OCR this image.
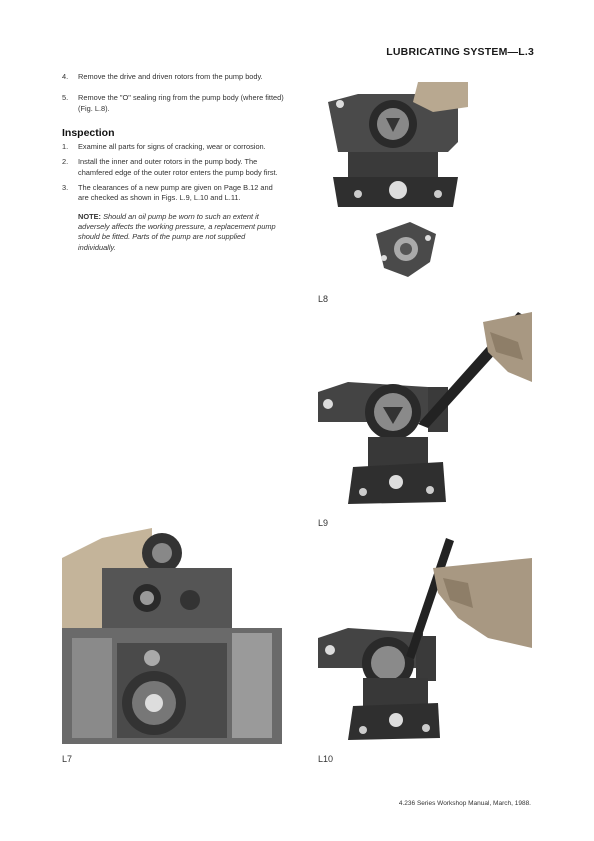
LUBRICATING SYSTEM—L.3
4.	Remove the drive and driven rotors from the pump body.
5.	Remove the "O" sealing ring from the pump body (where fitted) (Fig. L.8).
Inspection
1.	Examine all parts for signs of cracking, wear or corrosion.
2.	Install the inner and outer rotors in the pump body. The chamfered edge of the outer rotor enters the pump body first.
3.	The clearances of a new pump are given on Page B.12 and are checked as shown in Figs. L.9, L.10 and L.11.
NOTE: Should an oil pump be worn to such an extent it adversely affects the working pressure, a replacement pump should be fitted. Parts of the pump are not supplied individually.
L8
L9
L7	L10
4.236 Series Workshop Manual, March, 1988.
